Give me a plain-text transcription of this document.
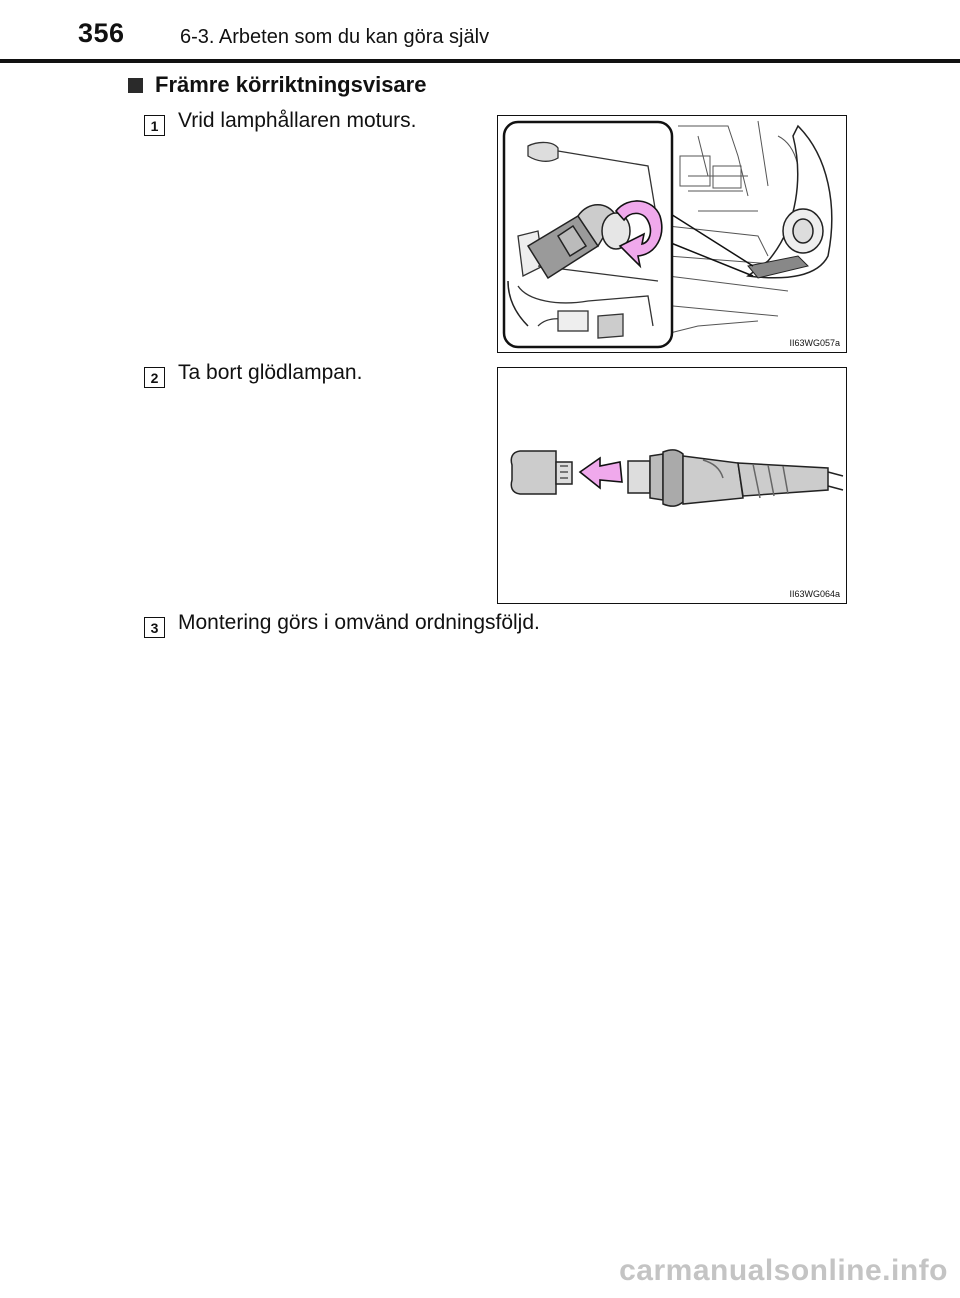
356	6-3. Arbeten som du kan göra själv
Främre körriktningsvisare
1 Vrid lamphållaren moturs.
II63WG057a
2 Ta bort glödlampan.
II63WG064a
3 Montering görs i omvänd ordningsföljd.
carmanualsonline.info
